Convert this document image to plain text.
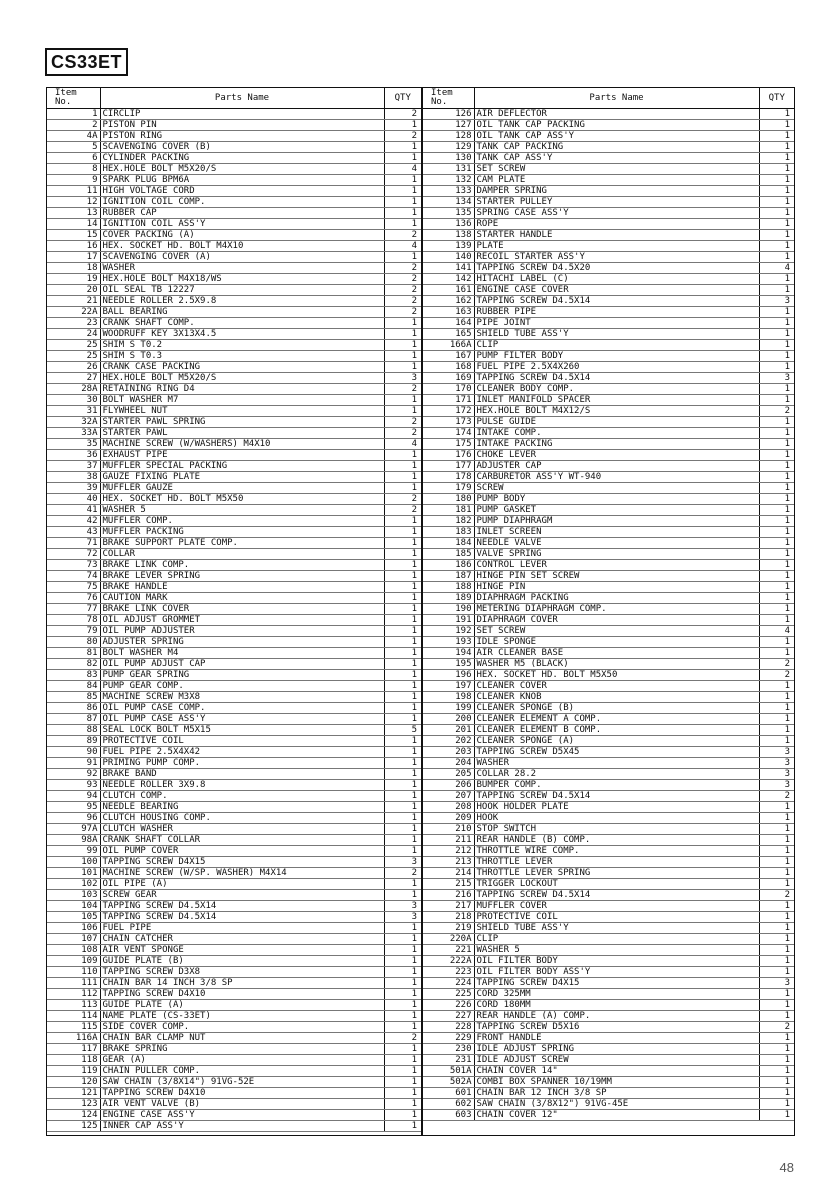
CS33ET
Item
No.	Parts Name	QTY
1	CIRCLIP	2
2	PISTON PIN	1
4A	PISTON RING	2
5	SCAVENGING COVER (B)	1
6	CYLINDER PACKING	1
8	HEX.HOLE BOLT M5X20/S	4
9	SPARK PLUG BPM6A	1
11	HIGH VOLTAGE CORD	1
12	IGNITION COIL COMP.	1
13	RUBBER CAP	1
14	IGNITION COIL ASS'Y	1
15	COVER PACKING (A)	2
16	HEX. SOCKET HD. BOLT M4X10	4
17	SCAVENGING COVER (A)	1
18	WASHER	2
19	HEX.HOLE BOLT M4X18/WS	2
20	OIL SEAL TB 12227	2
21	NEEDLE ROLLER 2.5X9.8	2
22A	BALL BEARING	2
23	CRANK SHAFT COMP.	1
24	WOODRUFF KEY 3X13X4.5	1
25	SHIM S T0.2	1
25	SHIM S T0.3	1
26	CRANK CASE PACKING	1
27	HEX.HOLE BOLT M5X20/S	3
28A	RETAINING RING D4	2
30	BOLT WASHER M7	1
31	FLYWHEEL NUT	1
32A	STARTER PAWL SPRING	2
33A	STARTER PAWL	2
35	MACHINE SCREW (W/WASHERS) M4X10	4
36	EXHAUST PIPE	1
37	MUFFLER SPECIAL PACKING	1
38	GAUZE FIXING PLATE	1
39	MUFFLER GAUZE	1
40	HEX. SOCKET HD. BOLT M5X50	2
41	WASHER 5	2
42	MUFFLER COMP.	1
43	MUFFLER PACKING	1
71	BRAKE SUPPORT PLATE COMP.	1
72	COLLAR	1
73	BRAKE LINK COMP.	1
74	BRAKE LEVER SPRING	1
75	BRAKE HANDLE	1
76	CAUTION MARK	1
77	BRAKE LINK COVER	1
78	OIL ADJUST GROMMET	1
79	OIL PUMP ADJUSTER	1
80	ADJUSTER SPRING	1
81	BOLT WASHER M4	1
82	OIL PUMP ADJUST CAP	1
83	PUMP GEAR SPRING	1
84	PUMP GEAR COMP.	1
85	MACHINE SCREW M3X8	1
86	OIL PUMP CASE COMP.	1
87	OIL PUMP CASE ASS'Y	1
88	SEAL LOCK BOLT M5X15	5
89	PROTECTIVE COIL	1
90	FUEL PIPE 2.5X4X42	1
91	PRIMING PUMP COMP.	1
92	BRAKE BAND	1
93	NEEDLE ROLLER 3X9.8	1
94	CLUTCH COMP.	1
95	NEEDLE BEARING	1
96	CLUTCH HOUSING COMP.	1
97A	CLUTCH WASHER	1
98A	CRANK SHAFT COLLAR	1
99	OIL PUMP COVER	1
100	TAPPING SCREW D4X15	3
101	MACHINE SCREW (W/SP. WASHER) M4X14	2
102	OIL PIPE (A)	1
103	SCREW GEAR	1
104	TAPPING SCREW D4.5X14	3
105	TAPPING SCREW D4.5X14	3
106	FUEL PIPE	1
107	CHAIN CATCHER	1
108	AIR VENT SPONGE	1
109	GUIDE PLATE (B)	1
110	TAPPING SCREW D3X8	1
111	CHAIN BAR 14 INCH 3/8 SP	1
112	TAPPING SCREW D4X10	1
113	GUIDE PLATE (A)	1
114	NAME PLATE (CS-33ET)	1
115	SIDE COVER COMP.	1
116A	CHAIN BAR CLAMP NUT	2
117	BRAKE SPRING	1
118	GEAR (A)	1
119	CHAIN PULLER COMP.	1
120	SAW CHAIN (3/8X14") 91VG-52E	1
121	TAPPING SCREW D4X10	1
123	AIR VENT VALVE (B)	1
124	ENGINE CASE ASS'Y	1
125	INNER CAP ASS'Y	1
Item
No.	Parts Name	QTY
126	AIR DEFLECTOR	1
127	OIL TANK CAP PACKING	1
128	OIL TANK CAP ASS'Y	1
129	TANK CAP PACKING	1
130	TANK CAP ASS'Y	1
131	SET SCREW	1
132	CAM PLATE	1
133	DAMPER SPRING	1
134	STARTER PULLEY	1
135	SPRING CASE ASS'Y	1
136	ROPE	1
138	STARTER HANDLE	1
139	PLATE	1
140	RECOIL STARTER ASS'Y	1
141	TAPPING SCREW D4.5X20	4
142	HITACHI LABEL (C)	1
161	ENGINE CASE COVER	1
162	TAPPING SCREW D4.5X14	3
163	RUBBER PIPE	1
164	PIPE JOINT	1
165	SHIELD TUBE ASS'Y	1
166A	CLIP	1
167	PUMP FILTER BODY	1
168	FUEL PIPE 2.5X4X260	1
169	TAPPING SCREW D4.5X14	3
170	CLEANER BODY COMP.	1
171	INLET MANIFOLD SPACER	1
172	HEX.HOLE BOLT M4X12/S	2
173	PULSE GUIDE	1
174	INTAKE COMP.	1
175	INTAKE PACKING	1
176	CHOKE LEVER	1
177	ADJUSTER CAP	1
178	CARBURETOR ASS'Y WT-940	1
179	SCREW	1
180	PUMP BODY	1
181	PUMP GASKET	1
182	PUMP DIAPHRAGM	1
183	INLET SCREEN	1
184	NEEDLE VALVE	1
185	VALVE SPRING	1
186	CONTROL LEVER	1
187	HINGE PIN SET SCREW	1
188	HINGE PIN	1
189	DIAPHRAGM PACKING	1
190	METERING DIAPHRAGM COMP.	1
191	DIAPHRAGM COVER	1
192	SET SCREW	4
193	IDLE SPONGE	1
194	AIR CLEANER BASE	1
195	WASHER M5 (BLACK)	2
196	HEX. SOCKET HD. BOLT M5X50	2
197	CLEANER COVER	1
198	CLEANER KNOB	1
199	CLEANER SPONGE (B)	1
200	CLEANER ELEMENT A COMP.	1
201	CLEANER ELEMENT B COMP.	1
202	CLEANER SPONGE (A)	1
203	TAPPING SCREW D5X45	3
204	WASHER	3
205	COLLAR 28.2	3
206	BUMPER COMP.	3
207	TAPPING SCREW D4.5X14	2
208	HOOK HOLDER PLATE	1
209	HOOK	1
210	STOP SWITCH	1
211	REAR HANDLE (B) COMP.	1
212	THROTTLE WIRE COMP.	1
213	THROTTLE LEVER	1
214	THROTTLE LEVER SPRING	1
215	TRIGGER LOCKOUT	1
216	TAPPING SCREW D4.5X14	2
217	MUFFLER COVER	1
218	PROTECTIVE COIL	1
219	SHIELD TUBE ASS'Y	1
220A	CLIP	1
221	WASHER 5	1
222A	OIL FILTER BODY	1
223	OIL FILTER BODY ASS'Y	1
224	TAPPING SCREW D4X15	3
225	CORD 325MM	1
226	CORD 180MM	1
227	REAR HANDLE (A) COMP.	1
228	TAPPING SCREW D5X16	2
229	FRONT HANDLE	1
230	IDLE ADJUST SPRING	1
231	IDLE ADJUST SCREW	1
501A	CHAIN COVER 14"	1
502A	COMBI BOX SPANNER 10/19MM	1
601	CHAIN BAR 12 INCH 3/8 SP	1
602	SAW CHAIN (3/8X12") 91VG-45E	1
603	CHAIN COVER 12"	1
48
